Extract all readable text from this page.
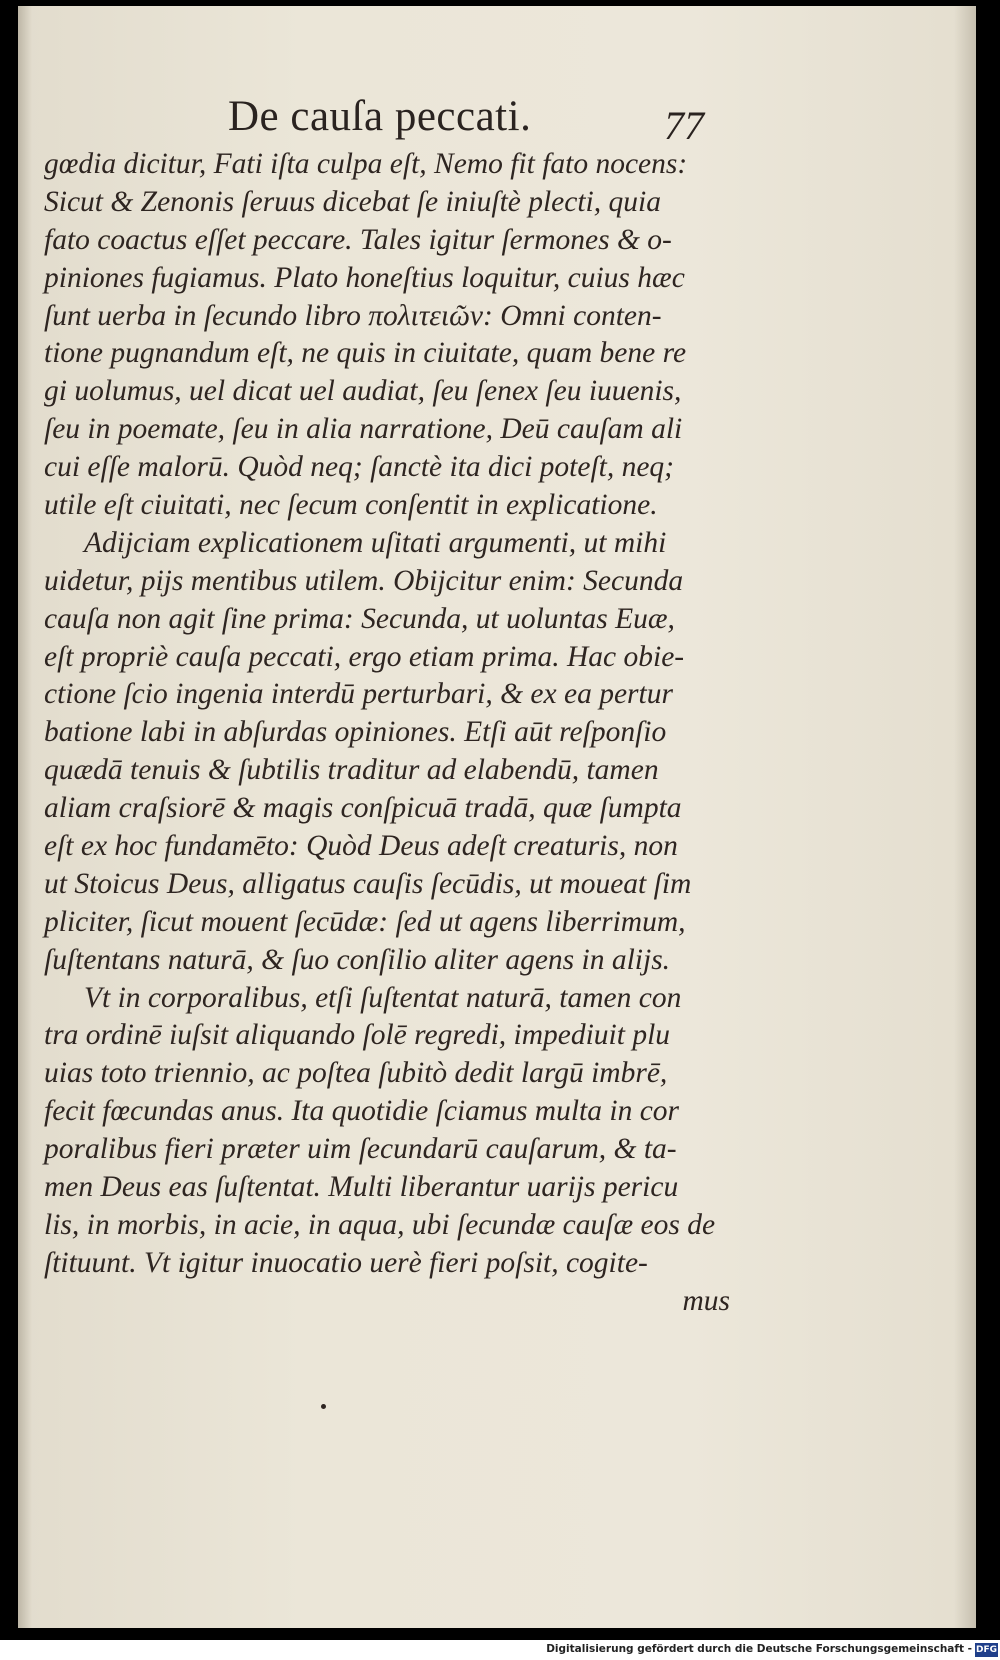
De cauſa peccati.	77
gœdia dicitur, Fati iſta culpa eſt, Nemo fit fato nocens:
Sicut & Zenonis ſeruus dicebat ſe iniuſtè plecti, quia
fato coactus eſſet peccare. Tales igitur ſermones & o-
piniones fugiamus. Plato honeſtius loquitur, cuius hæc
ſunt uerba in ſecundo libro πολιτειῶν: Omni conten-
tione pugnandum eſt, ne quis in ciuitate, quam bene re
gi uolumus, uel dicat uel audiat, ſeu ſenex ſeu iuuenis,
ſeu in poemate, ſeu in alia narratione, Deū cauſam ali
cui eſſe malorū. Quòd neq; ſanctè ita dici poteſt, neq;
utile eſt ciuitati, nec ſecum conſentit in explicatione.
Adijciam explicationem uſitati argumenti, ut mihi
uidetur, pijs mentibus utilem. Obijcitur enim: Secunda
cauſa non agit ſine prima: Secunda, ut uoluntas Euæ,
eſt propriè cauſa peccati, ergo etiam prima. Hac obie-
ctione ſcio ingenia interdū perturbari, & ex ea pertur
batione labi in abſurdas opiniones. Etſi aūt reſponſio
quædā tenuis & ſubtilis traditur ad elabendū, tamen
aliam craſsiorē & magis conſpicuā tradā, quæ ſumpta
eſt ex hoc fundamēto: Quòd Deus adeſt creaturis, non
ut Stoicus Deus, alligatus cauſis ſecūdis, ut moueat ſim
pliciter, ſicut mouent ſecūdæ: ſed ut agens liberrimum,
ſuſtentans naturā, & ſuo conſilio aliter agens in alijs.
Vt in corporalibus, etſi ſuſtentat naturā, tamen con
tra ordinē iuſsit aliquando ſolē regredi, impediuit plu
uias toto triennio, ac poſtea ſubitò dedit largū imbrē,
fecit fœcundas anus. Ita quotidie ſciamus multa in cor
poralibus fieri præter uim ſecundarū cauſarum, & ta-
men Deus eas ſuſtentat. Multi liberantur uarijs pericu
lis, in morbis, in acie, in aqua, ubi ſecundæ cauſæ eos de
ſtituunt. Vt igitur inuocatio uerè fieri poſsit, cogite-
mus
Digitalisierung gefördert durch die Deutsche Forschungsgemeinschaft - DFG
